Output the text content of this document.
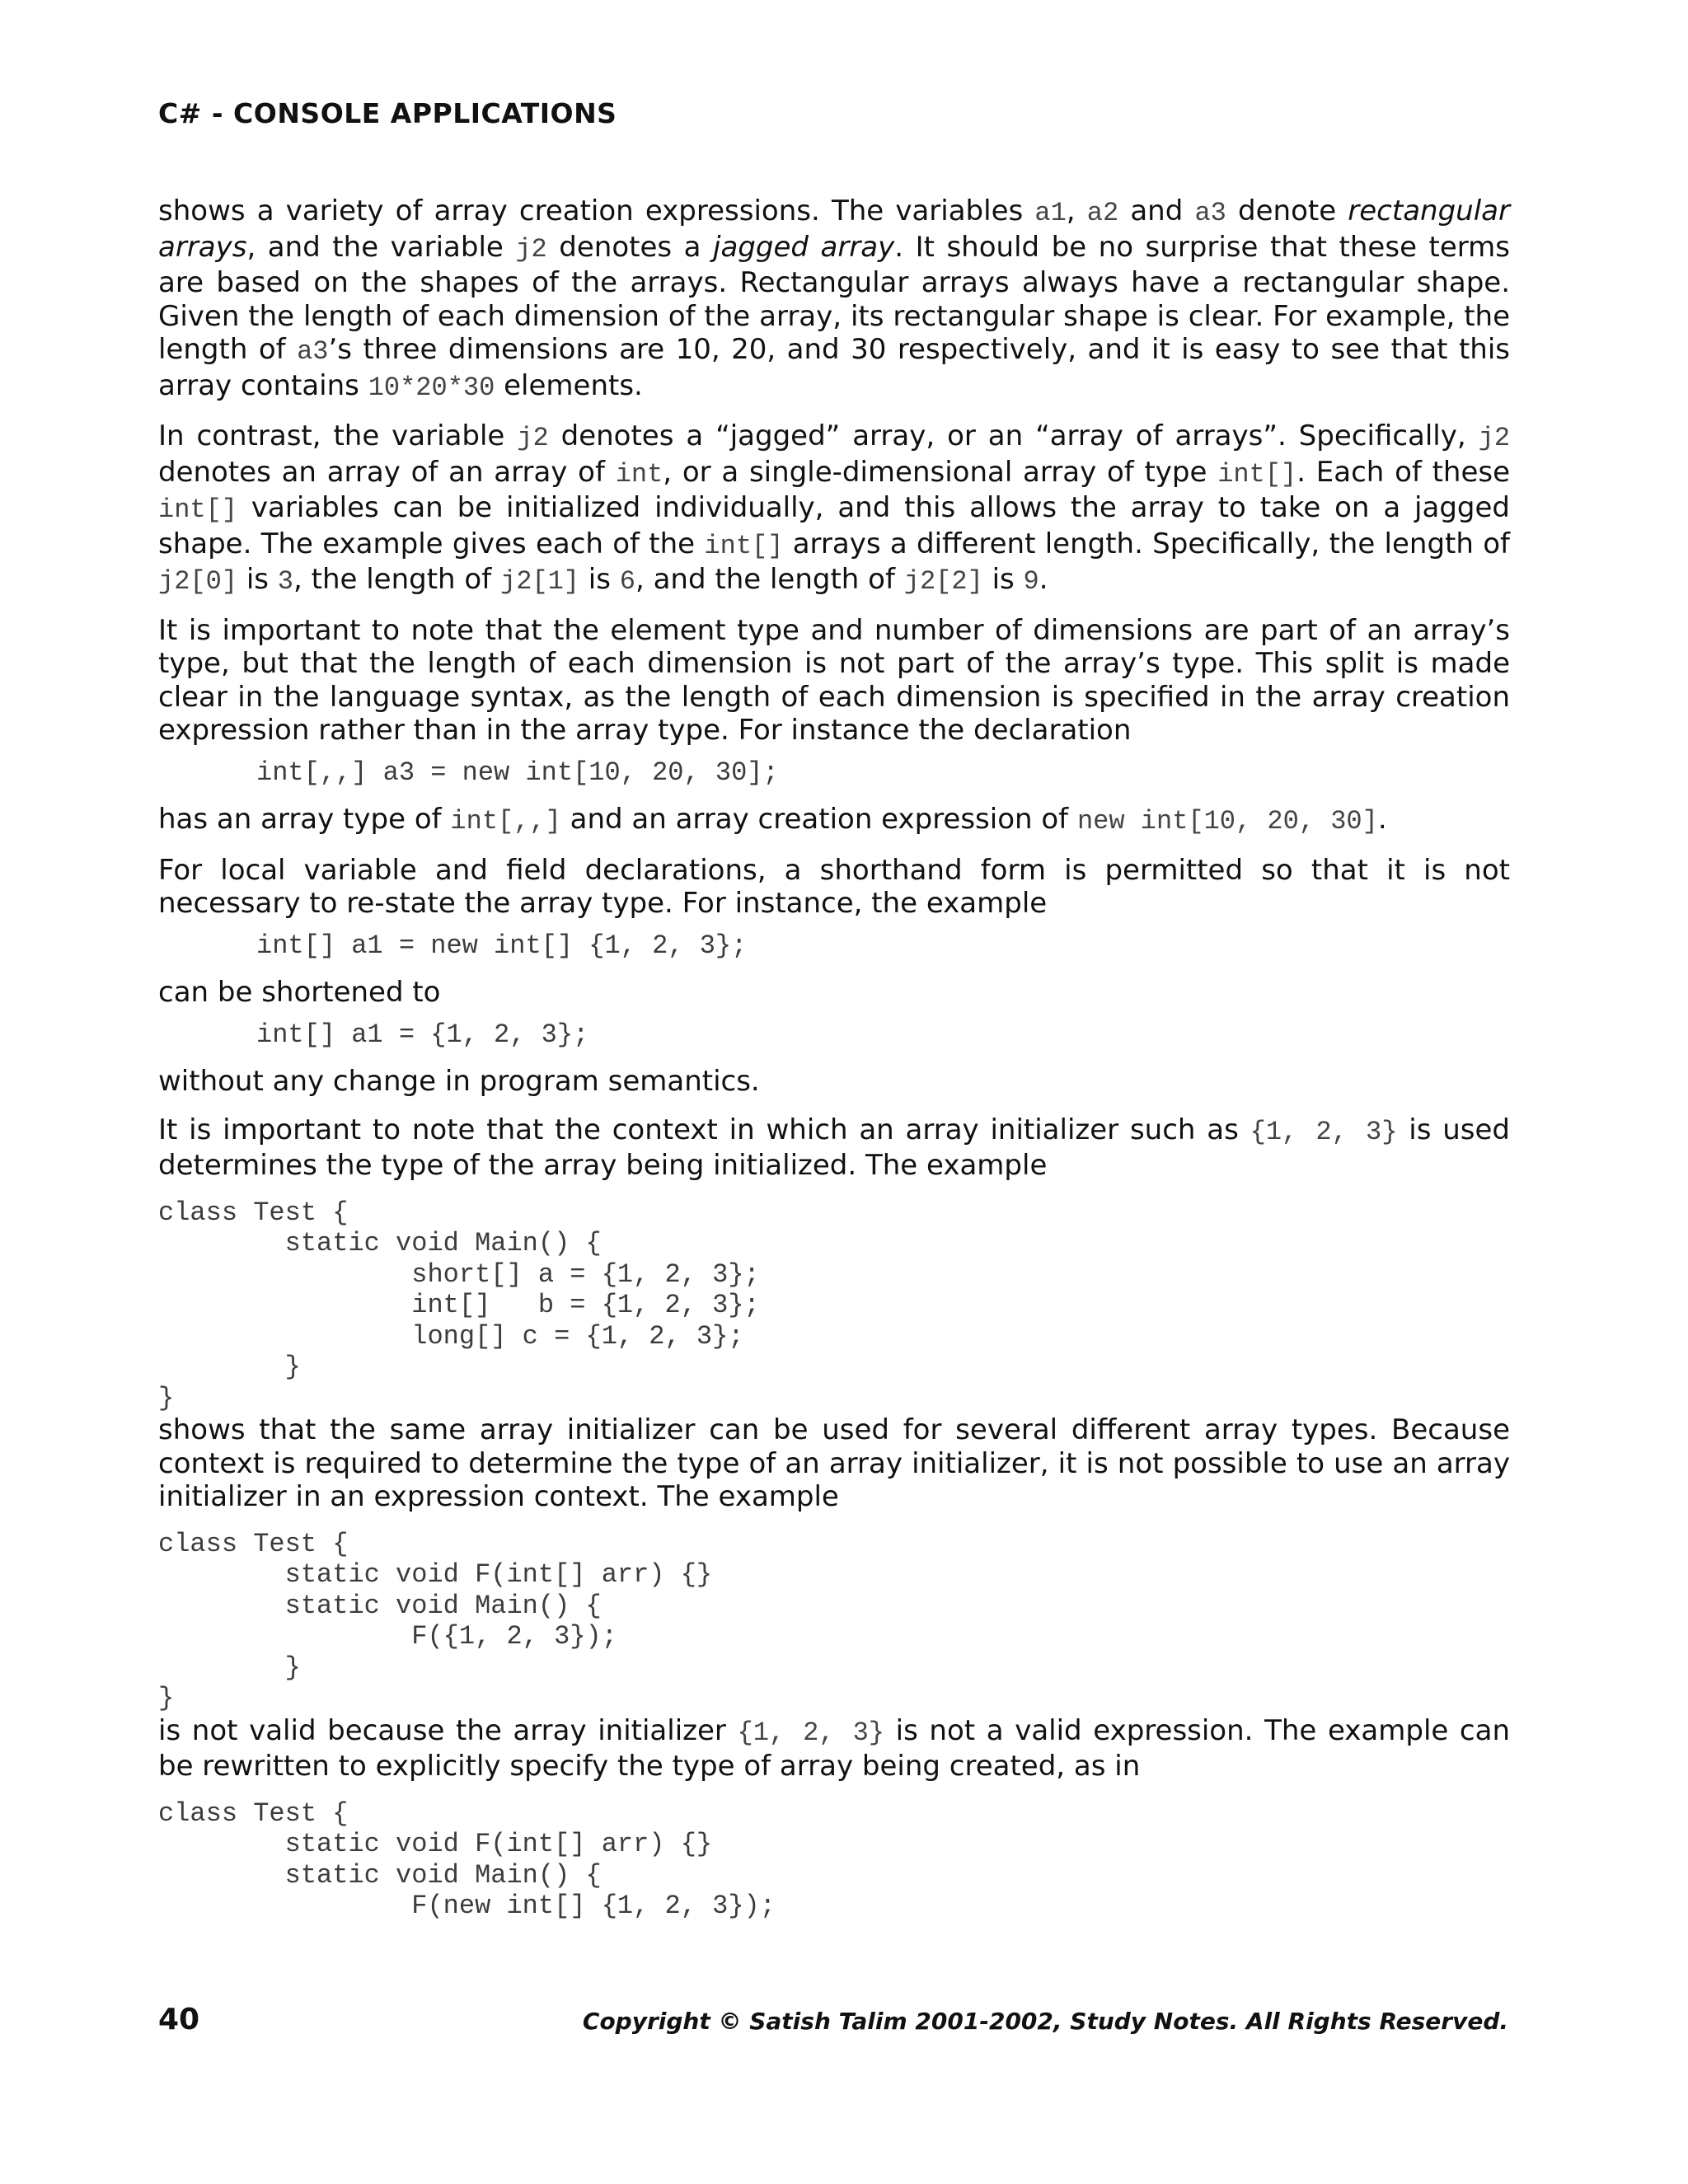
C# - CONSOLE APPLICATIONS

shows a variety of array creation expressions. The variables a1, a2 and a3 denote rectangular arrays, and the variable j2 denotes a jagged array. It should be no surprise that these terms are based on the shapes of the arrays. Rectangular arrays always have a rectangular shape. Given the length of each dimension of the array, its rectangular shape is clear. For example, the length of a3’s three dimensions are 10, 20, and 30 respectively, and it is easy to see that this array contains 10*20*30 elements.

In contrast, the variable j2 denotes a “jagged” array, or an “array of arrays”. Specifically, j2 denotes an array of an array of int, or a single-dimensional array of type int[]. Each of these int[] variables can be initialized individually, and this allows the array to take on a jagged shape. The example gives each of the int[] arrays a different length. Specifically, the length of j2[0] is 3, the length of j2[1] is 6, and the length of j2[2] is 9.

It is important to note that the element type and number of dimensions are part of an array’s type, but that the length of each dimension is not part of the array’s type. This split is made clear in the language syntax, as the length of each dimension is specified in the array creation expression rather than in the array type. For instance the declaration

int[,,] a3 = new int[10, 20, 30];

has an array type of int[,,] and an array creation expression of new int[10, 20, 30].

For local variable and field declarations, a shorthand form is permitted so that it is not necessary to re-state the array type. For instance, the example

int[] a1 = new int[] {1, 2, 3};

can be shortened to

int[] a1 = {1, 2, 3};

without any change in program semantics.

It is important to note that the context in which an array initializer such as {1, 2, 3} is used determines the type of the array being initialized. The example

class Test {
static void Main() {
short[] a = {1, 2, 3};
int[]   b = {1, 2, 3};
long[] c = {1, 2, 3};
}
}

shows that the same array initializer can be used for several different array types. Because context is required to determine the type of an array initializer, it is not possible to use an array initializer in an expression context. The example

class Test {
static void F(int[] arr) {}
static void Main() {
F({1, 2, 3});
}
}

is not valid because the array initializer {1, 2, 3} is not a valid expression. The example can be rewritten to explicitly specify the type of array being created, as in

class Test {
static void F(int[] arr) {}
static void Main() {
F(new int[] {1, 2, 3});
40	Copyright © Satish Talim 2001-2002, Study Notes. All Rights Reserved.
